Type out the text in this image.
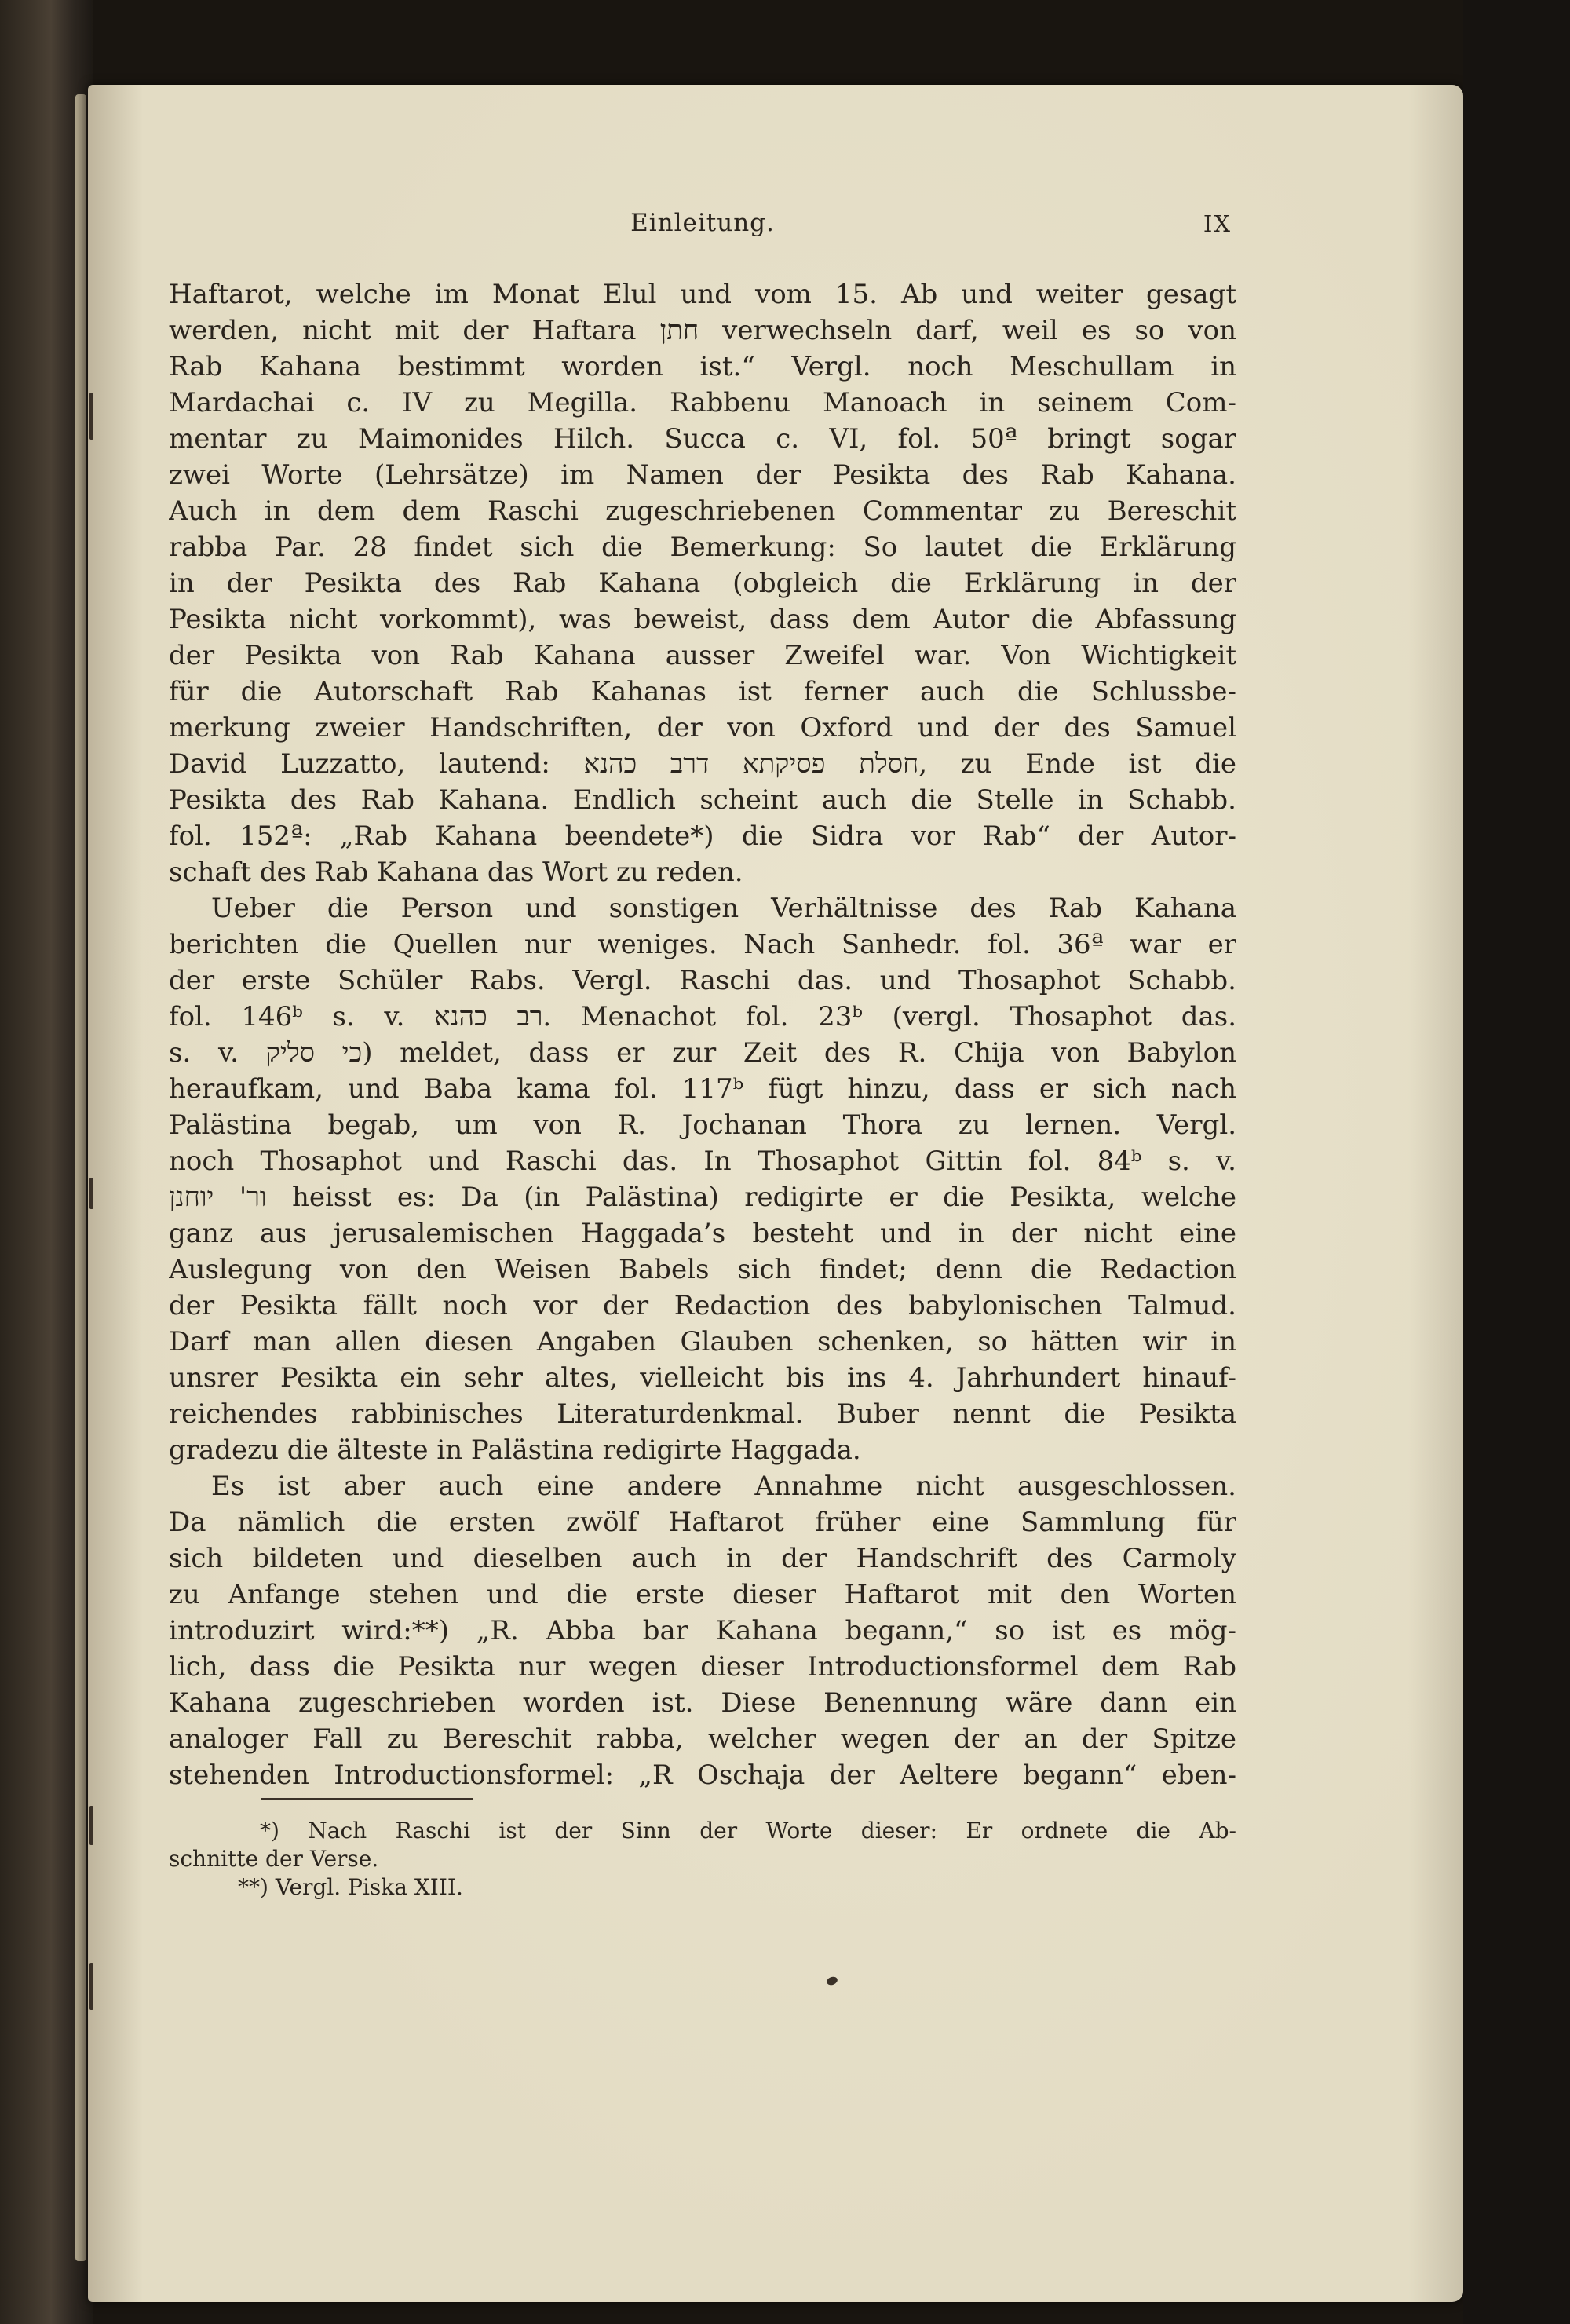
Einleitung.	IX
Haftarot, welche im Monat Elul und vom 15. Ab und weiter gesagt
werden, nicht mit der Haftara חתן verwechseln darf, weil es so von
Rab Kahana bestimmt worden ist.“ Vergl. noch Meschullam in
Mardachai c. IV zu Megilla. Rabbenu Manoach in seinem Com-
mentar zu Maimonides Hilch. Succa c. VI, fol. 50ª bringt sogar
zwei Worte (Lehrsätze) im Namen der Pesikta des Rab Kahana.
Auch in dem dem Raschi zugeschriebenen Commentar zu Bereschit
rabba Par. 28 findet sich die Bemerkung: So lautet die Erklärung
in der Pesikta des Rab Kahana (obgleich die Erklärung in der
Pesikta nicht vorkommt), was beweist, dass dem Autor die Abfassung
der Pesikta von Rab Kahana ausser Zweifel war. Von Wichtigkeit
für die Autorschaft Rab Kahanas ist ferner auch die Schlussbe-
merkung zweier Handschriften, der von Oxford und der des Samuel
David Luzzatto, lautend: חסלת פסיקתא דרב כהנא, zu Ende ist die
Pesikta des Rab Kahana. Endlich scheint auch die Stelle in Schabb.
fol. 152ª: „Rab Kahana beendete*) die Sidra vor Rab“ der Autor-
schaft des Rab Kahana das Wort zu reden.
Ueber die Person und sonstigen Verhältnisse des Rab Kahana
berichten die Quellen nur weniges. Nach Sanhedr. fol. 36ª war er
der erste Schüler Rabs. Vergl. Raschi das. und Thosaphot Schabb.
fol. 146ᵇ s. v. רב כהנא. Menachot fol. 23ᵇ (vergl. Thosaphot das.
s. v. כי סליק) meldet, dass er zur Zeit des R. Chija von Babylon
heraufkam, und Baba kama fol. 117ᵇ fügt hinzu, dass er sich nach
Palästina begab, um von R. Jochanan Thora zu lernen. Vergl.
noch Thosaphot und Raschi das. In Thosaphot Gittin fol. 84ᵇ s. v.
ור' יוחנן heisst es: Da (in Palästina) redigirte er die Pesikta, welche
ganz aus jerusalemischen Haggada’s besteht und in der nicht eine
Auslegung von den Weisen Babels sich findet; denn die Redaction
der Pesikta fällt noch vor der Redaction des babylonischen Talmud.
Darf man allen diesen Angaben Glauben schenken, so hätten wir in
unsrer Pesikta ein sehr altes, vielleicht bis ins 4. Jahrhundert hinauf-
reichendes rabbinisches Literaturdenkmal. Buber nennt die Pesikta
gradezu die älteste in Palästina redigirte Haggada.
Es ist aber auch eine andere Annahme nicht ausgeschlossen.
Da nämlich die ersten zwölf Haftarot früher eine Sammlung für
sich bildeten und dieselben auch in der Handschrift des Carmoly
zu Anfange stehen und die erste dieser Haftarot mit den Worten
introduzirt wird:**) „R. Abba bar Kahana begann,“ so ist es mög-
lich, dass die Pesikta nur wegen dieser Introductionsformel dem Rab
Kahana zugeschrieben worden ist. Diese Benennung wäre dann ein
analoger Fall zu Bereschit rabba, welcher wegen der an der Spitze
stehenden Introductionsformel: „R Oschaja der Aeltere begann“ eben-
*) Nach Raschi ist der Sinn der Worte dieser: Er ordnete die Ab-
schnitte der Verse.
**) Vergl. Piska XIII.
